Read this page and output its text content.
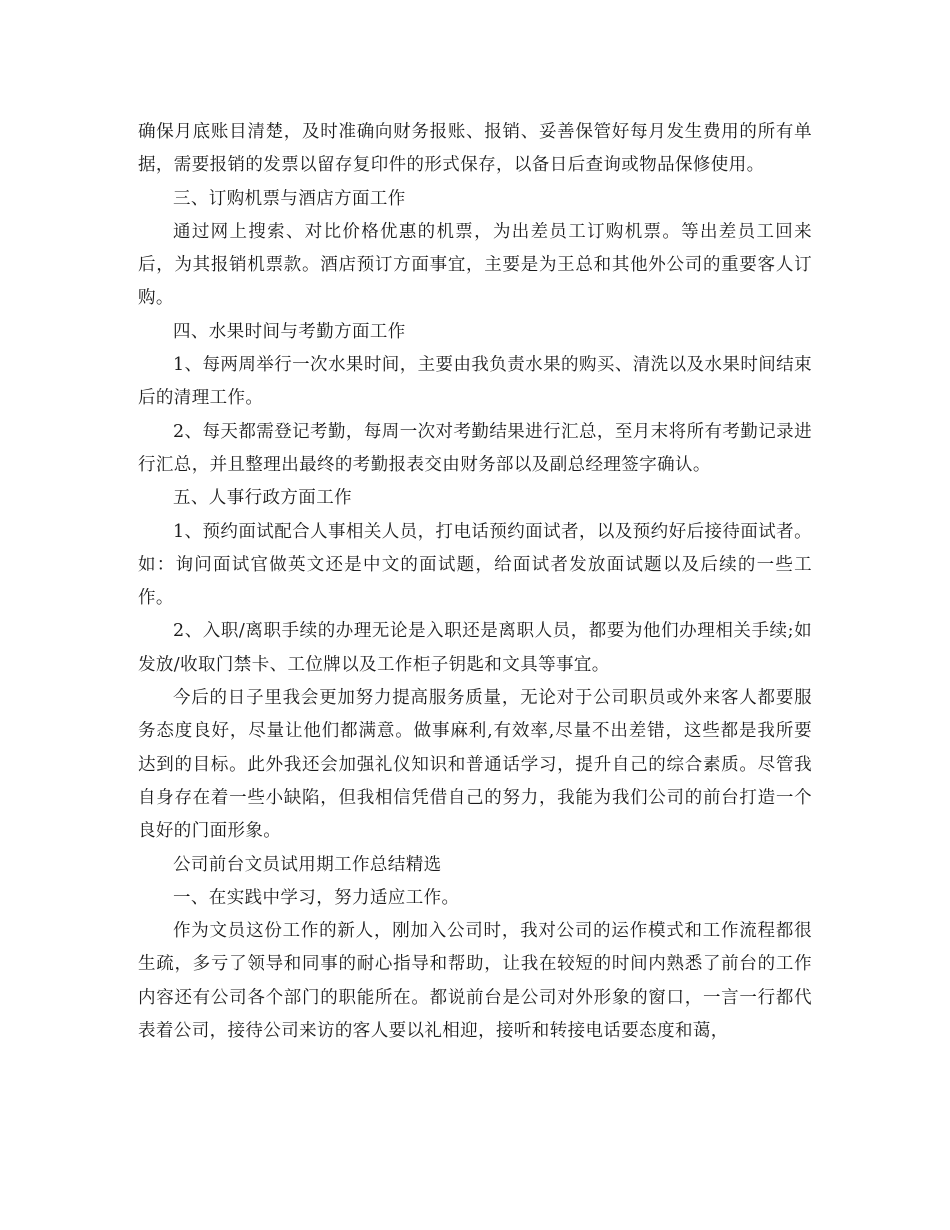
确保月底账目清楚，及时准确向财务报账、报销、妥善保管好每月发生费用的所有单据，需要报销的发票以留存复印件的形式保存，以备日后查询或物品保修使用。

三、订购机票与酒店方面工作

通过网上搜索、对比价格优惠的机票，为出差员工订购机票。等出差员工回来后，为其报销机票款。酒店预订方面事宜，主要是为王总和其他外公司的重要客人订购。

四、水果时间与考勤方面工作

1、每两周举行一次水果时间，主要由我负责水果的购买、清洗以及水果时间结束后的清理工作。

2、每天都需登记考勤，每周一次对考勤结果进行汇总，至月末将所有考勤记录进行汇总，并且整理出最终的考勤报表交由财务部以及副总经理签字确认。

五、人事行政方面工作

1、预约面试配合人事相关人员，打电话预约面试者，以及预约好后接待面试者。如：询问面试官做英文还是中文的面试题，给面试者发放面试题以及后续的一些工作。

2、入职/离职手续的办理无论是入职还是离职人员，都要为他们办理相关手续;如发放/收取门禁卡、工位牌以及工作柜子钥匙和文具等事宜。

今后的日子里我会更加努力提高服务质量，无论对于公司职员或外来客人都要服务态度良好，尽量让他们都满意。做事麻利,有效率,尽量不出差错，这些都是我所要达到的目标。此外我还会加强礼仪知识和普通话学习，提升自己的综合素质。尽管我自身存在着一些小缺陷，但我相信凭借自己的努力，我能为我们公司的前台打造一个良好的门面形象。

公司前台文员试用期工作总结精选

一、在实践中学习，努力适应工作。

作为文员这份工作的新人，刚加入公司时，我对公司的运作模式和工作流程都很生疏，多亏了领导和同事的耐心指导和帮助，让我在较短的时间内熟悉了前台的工作内容还有公司各个部门的职能所在。都说前台是公司对外形象的窗口，一言一行都代表着公司，接待公司来访的客人要以礼相迎，接听和转接电话要态度和蔼，
